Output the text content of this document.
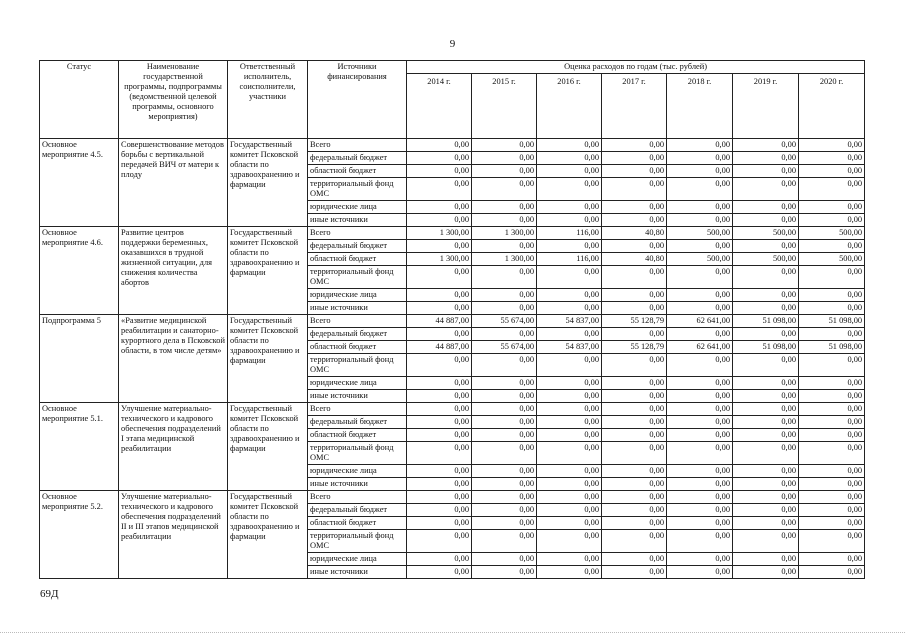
9
Статус	Наименование государственной программы, подпрограммы (ведомственной целевой программы, основного мероприятия)	Ответственный исполнитель, соисполнители, участники	Источники финансирования	Оценка расходов по годам (тыс. рублей)						
				2014 г.	2015 г.	2016 г.	2017 г.	2018 г.	2019 г.	2020 г.
Основное мероприятие 4.5.	Совершенствование методов борьбы с вертикальной передачей ВИЧ от матери к плоду	Государственный комитет Псковской области по здравоохранению и фармации	Всего	0,00	0,00	0,00	0,00	0,00	0,00	0,00
			федеральный бюджет	0,00	0,00	0,00	0,00	0,00	0,00	0,00
			областной бюджет	0,00	0,00	0,00	0,00	0,00	0,00	0,00
			территориальный фонд ОМС	0,00	0,00	0,00	0,00	0,00	0,00	0,00
			юридические лица	0,00	0,00	0,00	0,00	0,00	0,00	0,00
			иные источники	0,00	0,00	0,00	0,00	0,00	0,00	0,00
Основное мероприятие 4.6.	Развитие центров поддержки беременных, оказавшихся в трудной жизненной ситуации, для снижения количества абортов	Государственный комитет Псковской области по здравоохранению и фармации	Всего	1 300,00	1 300,00	116,00	40,80	500,00	500,00	500,00
			федеральный бюджет	0,00	0,00	0,00	0,00	0,00	0,00	0,00
			областной бюджет	1 300,00	1 300,00	116,00	40,80	500,00	500,00	500,00
			территориальный фонд ОМС	0,00	0,00	0,00	0,00	0,00	0,00	0,00
			юридические лица	0,00	0,00	0,00	0,00	0,00	0,00	0,00
			иные источники	0,00	0,00	0,00	0,00	0,00	0,00	0,00
Подпрограмма 5	«Развитие медицинской реабилитации и санаторно-курортного дела в Псковской области, в том числе детям»	Государственный комитет Псковской области по здравоохранению и фармации	Всего	44 887,00	55 674,00	54 837,00	55 128,79	62 641,00	51 098,00	51 098,00
			федеральный бюджет	0,00	0,00	0,00	0,00	0,00	0,00	0,00
			областной бюджет	44 887,00	55 674,00	54 837,00	55 128,79	62 641,00	51 098,00	51 098,00
			территориальный фонд ОМС	0,00	0,00	0,00	0,00	0,00	0,00	0,00
			юридические лица	0,00	0,00	0,00	0,00	0,00	0,00	0,00
			иные источники	0,00	0,00	0,00	0,00	0,00	0,00	0,00
Основное мероприятие 5.1.	Улучшение материально-технического и кадрового обеспечения подразделений I этапа медицинской реабилитации	Государственный комитет Псковской области по здравоохранению и фармации	Всего	0,00	0,00	0,00	0,00	0,00	0,00	0,00
			федеральный бюджет	0,00	0,00	0,00	0,00	0,00	0,00	0,00
			областной бюджет	0,00	0,00	0,00	0,00	0,00	0,00	0,00
			территориальный фонд ОМС	0,00	0,00	0,00	0,00	0,00	0,00	0,00
			юридические лица	0,00	0,00	0,00	0,00	0,00	0,00	0,00
			иные источники	0,00	0,00	0,00	0,00	0,00	0,00	0,00
Основное мероприятие 5.2.	Улучшение материально-технического и кадрового обеспечения подразделений II и III этапов медицинской реабилитации	Государственный комитет Псковской области по здравоохранению и фармации	Всего	0,00	0,00	0,00	0,00	0,00	0,00	0,00
			федеральный бюджет	0,00	0,00	0,00	0,00	0,00	0,00	0,00
			областной бюджет	0,00	0,00	0,00	0,00	0,00	0,00	0,00
			территориальный фонд ОМС	0,00	0,00	0,00	0,00	0,00	0,00	0,00
			юридические лица	0,00	0,00	0,00	0,00	0,00	0,00	0,00
			иные источники	0,00	0,00	0,00	0,00	0,00	0,00	0,00
69Д
